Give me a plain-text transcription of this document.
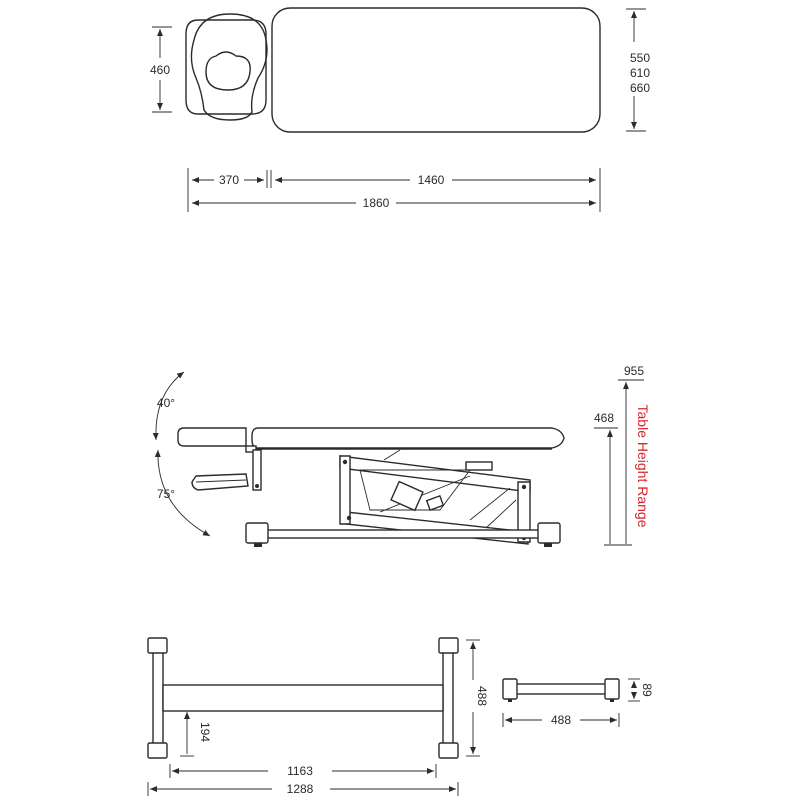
460
550
610
660
370	1460
1860
40°
75°
955
468 Table Height Range
488
194
1163
1288
89
488
